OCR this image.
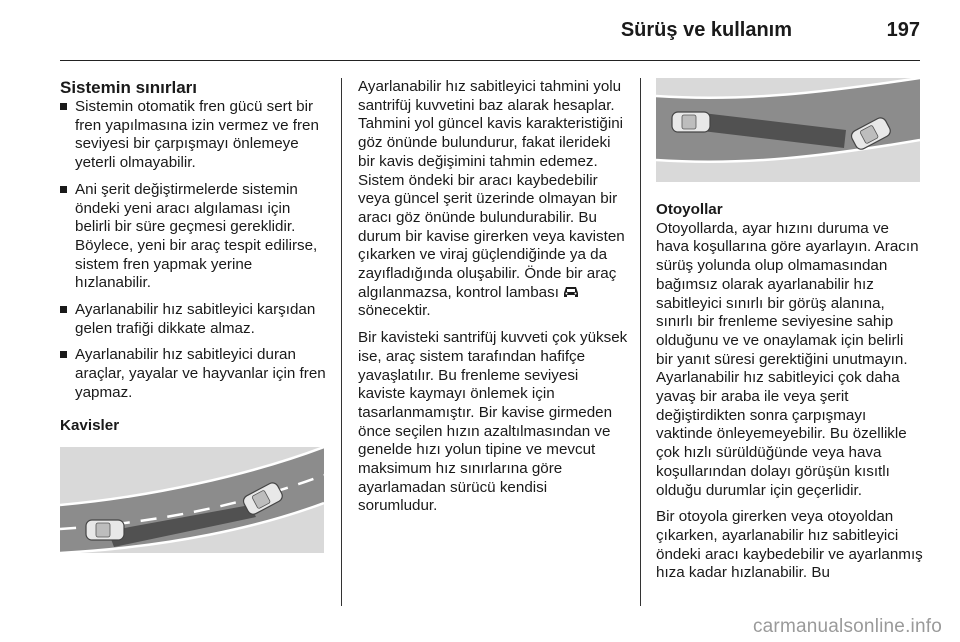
Sürüş ve kullanım	197
Sistemin sınırları
Sistemin otomatik fren gücü sert bir fren yapılmasına izin vermez ve fren seviyesi bir çarpışmayı önlemeye yeterli olmayabilir.
Ani şerit değiştirmelerde sistemin öndeki yeni aracı algılaması için belirli bir süre geçmesi gereklidir. Böylece, yeni bir araç tespit edilirse, sistem fren yapmak yerine hızlanabilir.
Ayarlanabilir hız sabitleyici karşıdan gelen trafiği dikkate almaz.
Ayarlanabilir hız sabitleyici duran araçlar, yayalar ve hayvanlar için fren yapmaz.
Kavisler

Ayarlanabilir hız sabitleyici tahmini yolu santrifüj kuvvetini baz alarak hesaplar. Tahmini yol güncel kavis karakteristiğini göz önünde bulundurur, fakat ilerideki bir kavis değişimini tahmin edemez. Sistem öndeki bir aracı kaybedebilir veya güncel şerit üzerinde olmayan bir aracı göz önünde bulundurabilir. Bu durum bir kavise girerken veya kavisten çıkarken ve viraj güçlendiğinde ya da zayıfladığında oluşabilir. Önde bir araç algılanmazsa, kontrol lambası  sönecektir.

Bir kavisteki santrifüj kuvveti çok yüksek ise, araç sistem tarafından hafifçe yavaşlatılır. Bu frenleme seviyesi kaviste kaymayı önlemek için tasarlanmamıştır. Bir kavise girmeden önce seçilen hızın azaltılmasından ve genelde hızı yolun tipine ve mevcut maksimum hız sınırlarına göre ayarlamadan sürücü kendisi sorumludur.

Otoyollar

Otoyollarda, ayar hızını duruma ve hava koşullarına göre ayarlayın. Aracın sürüş yolunda olup olmamasından bağımsız olarak ayarlanabilir hız sabitleyici sınırlı bir görüş alanına, sınırlı bir frenleme seviyesine sahip olduğunu ve ve onaylamak için belirli bir yanıt süresi gerektiğini unutmayın. Ayarlanabilir hız sabitleyici çok daha yavaş bir araba ile veya şerit değiştirdikten sonra çarpışmayı vaktinde önleyemeyebilir. Bu özellikle çok hızlı sürüldüğünde veya hava koşullarından dolayı görüşün kısıtlı olduğu durumlar için geçerlidir.

Bir otoyola girerken veya otoyoldan çıkarken, ayarlanabilir hız sabitleyici öndeki aracı kaybedebilir ve ayarlanmış hıza kadar hızlanabilir. Bu

carmanualsonline.info
